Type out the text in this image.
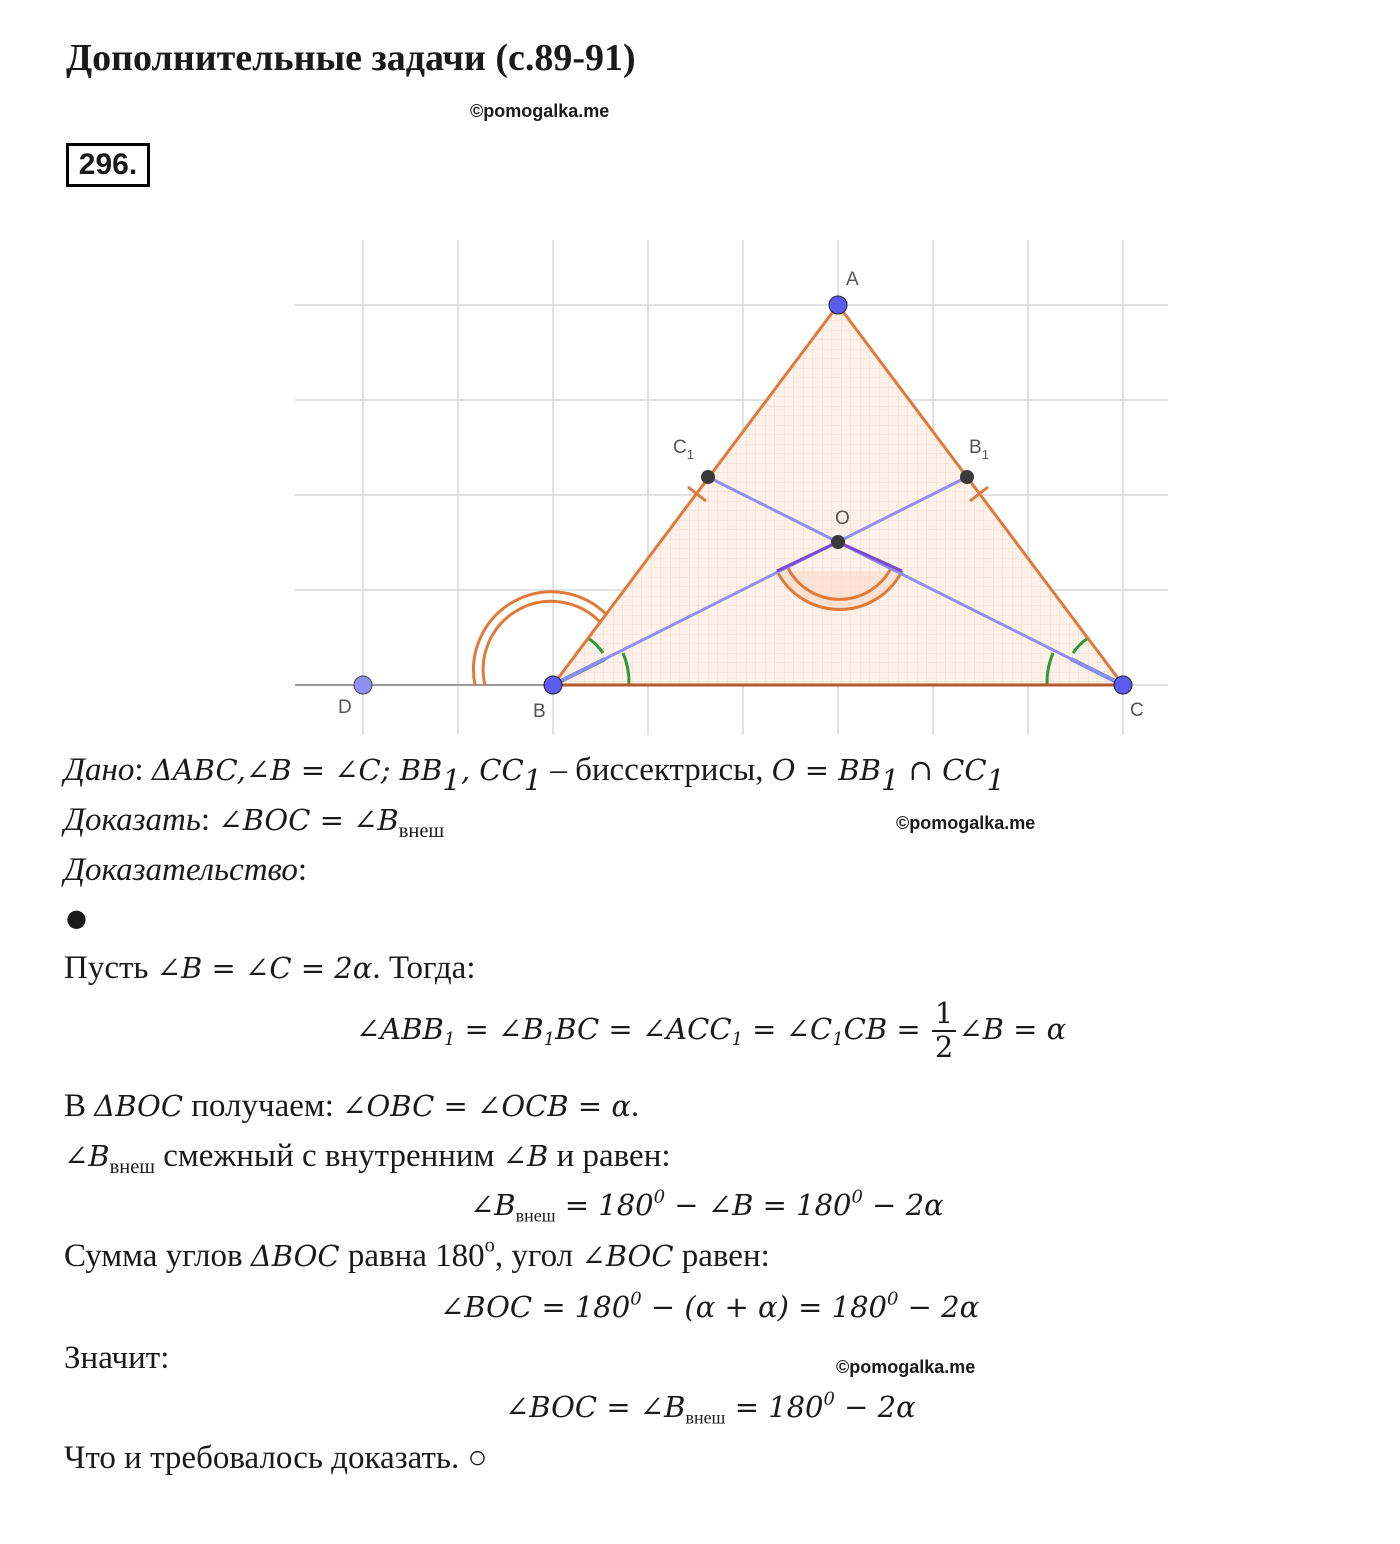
Дополнительные задачи (с.89-91)
©pomogalka.me
296.
A
B	C
D
O
$C_1$	$B_1$
Дано: ΔABC,∠B = ∠C; $BB_1$, $CC_1$ – биссектрисы, $O = BB_1$ ∩ $CC_1$
Доказать: ∠BOC = $\angle B_{внеш}$	©pomogalka.me
Доказательство:
●
Пусть ∠B = ∠C = 2α. Тогда:
$\angle ABB_1$ = $\angle B_1BC$ = $\angle ACC_1$ = $\angle C_1CB = \frac{1}{2}$ ∠B = α
В ΔBOC получаем: ∠OBC = ∠OCB = α.
$\angle B_{внеш}$ смежный с внутренним ∠B и равен:
$\angle B_{внеш} = 180^0$ − ∠B = $180^0 - 2\alpha$
Сумма углов ΔBOC равна 180$^o$, угол ∠BOC равен:
∠BOC = $180^0 - (\alpha + \alpha) = 180^0 - 2\alpha$
Значит:	©pomogalka.me
∠BOC = $\angle B_{внеш} = 180^0 - 2\alpha$
Что и требовалось доказать. ○
